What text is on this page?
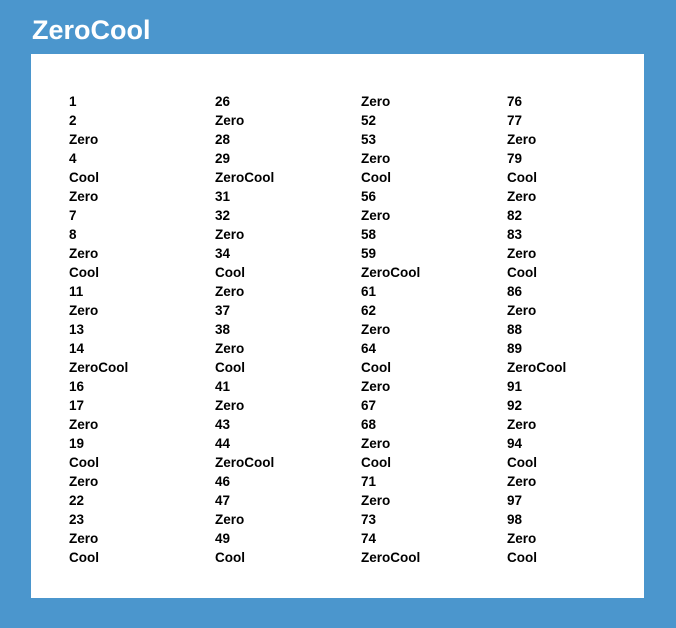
ZeroCool
1
2
Zero
4
Cool
Zero
7
8
Zero
Cool
11
Zero
13
14
ZeroCool
16
17
Zero
19
Cool
Zero
22
23
Zero
Cool
26
Zero
28
29
ZeroCool
31
32
Zero
34
Cool
Zero
37
38
Zero
Cool
41
Zero
43
44
ZeroCool
46
47
Zero
49
Cool
Zero
52
53
Zero
Cool
56
Zero
58
59
ZeroCool
61
62
Zero
64
Cool
Zero
67
68
Zero
Cool
71
Zero
73
74
ZeroCool
76
77
Zero
79
Cool
Zero
82
83
Zero
Cool
86
Zero
88
89
ZeroCool
91
92
Zero
94
Cool
Zero
97
98
Zero
Cool
